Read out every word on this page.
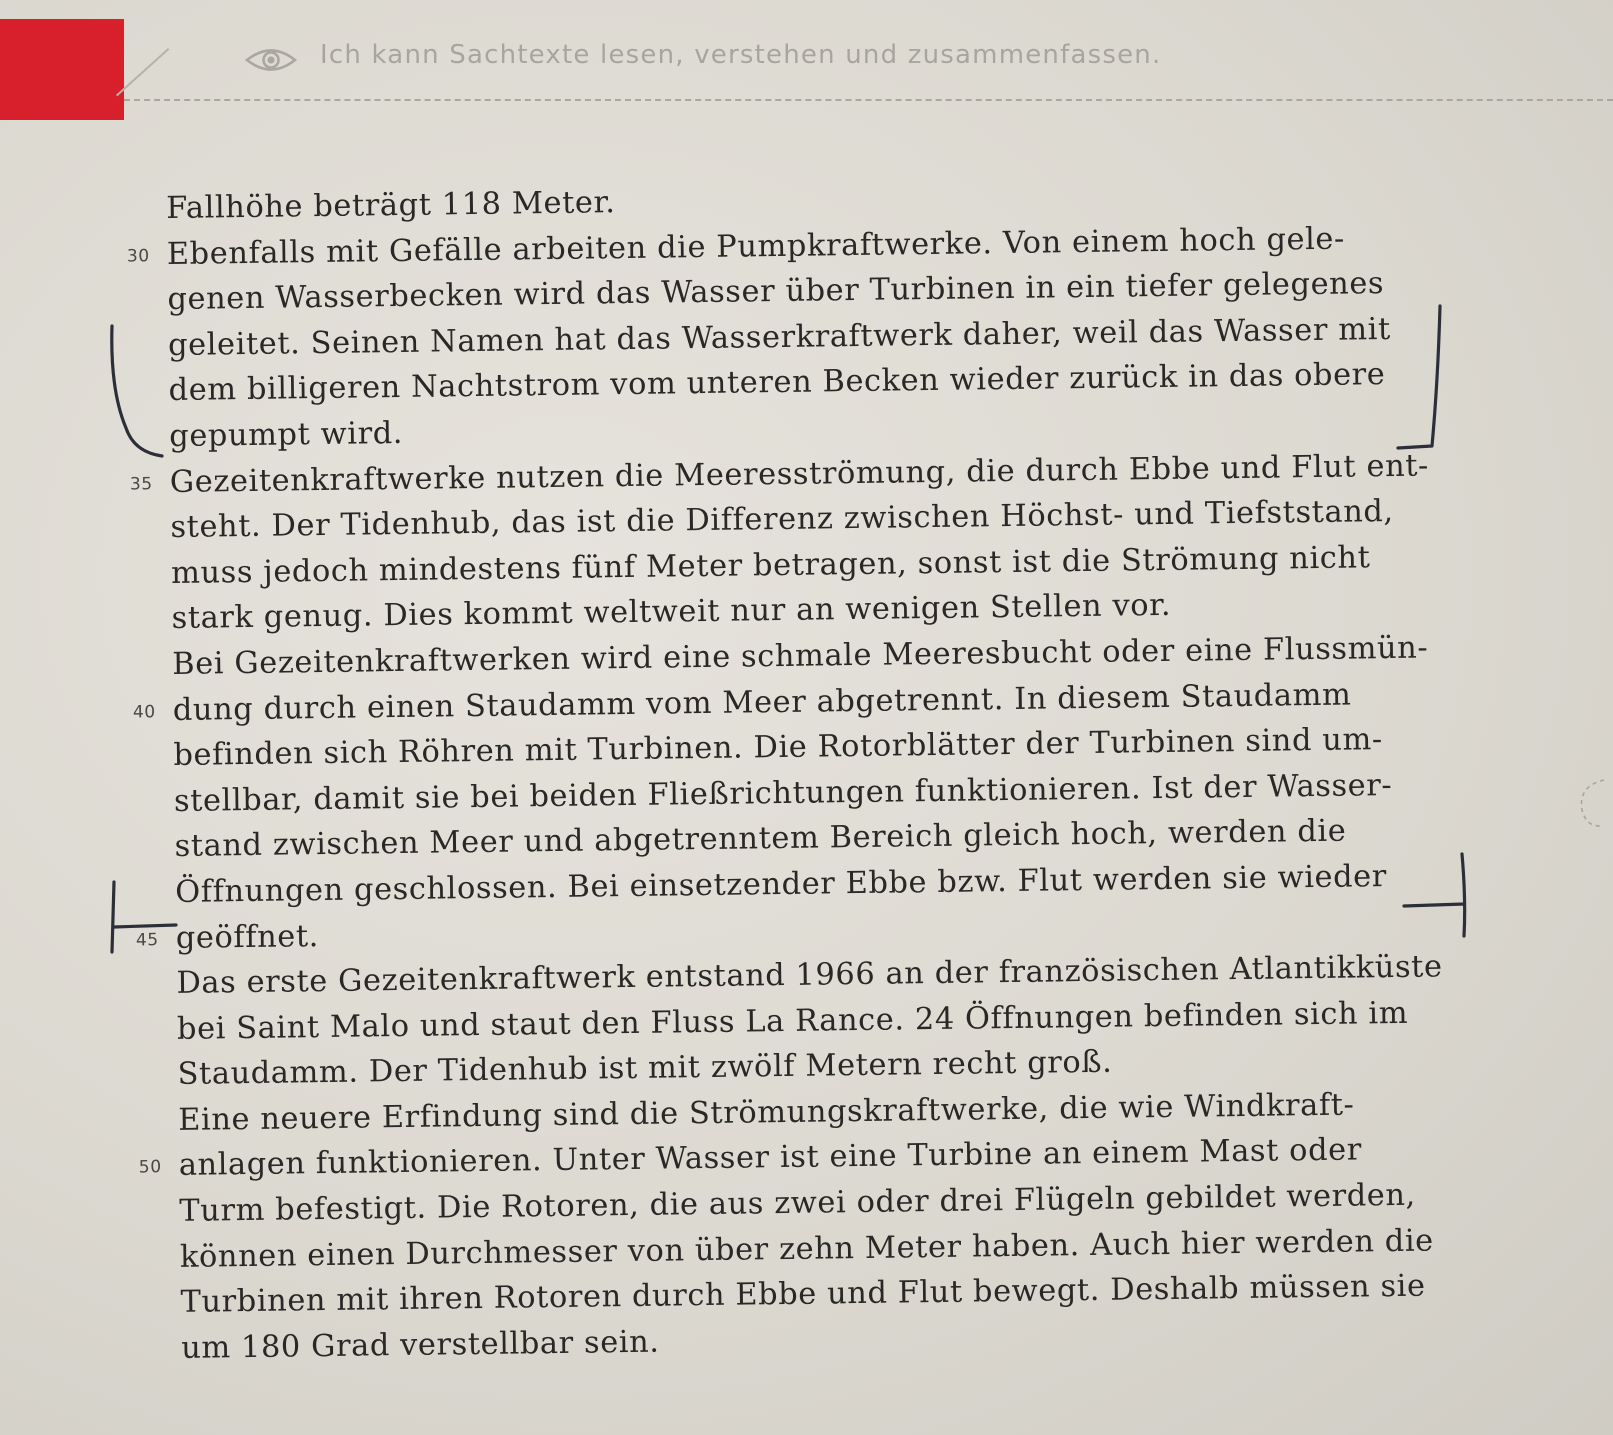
Ich kann Sachtexte lesen, verstehen und zusammenfassen.
Fallhöhe beträgt 118 Meter.
30 Ebenfalls mit Gefälle arbeiten die Pumpkraftwerke. Von einem hoch gele-
genen Wasserbecken wird das Wasser über Turbinen in ein tiefer gelegenes
geleitet. Seinen Namen hat das Wasserkraftwerk daher, weil das Wasser mit
dem billigeren Nachtstrom vom unteren Becken wieder zurück in das obere
gepumpt wird.
35 Gezeitenkraftwerke nutzen die Meeresströmung, die durch Ebbe und Flut ent-
steht. Der Tidenhub, das ist die Differenz zwischen Höchst- und Tiefststand,
muss jedoch mindestens fünf Meter betragen, sonst ist die Strömung nicht
stark genug. Dies kommt weltweit nur an wenigen Stellen vor.
Bei Gezeitenkraftwerken wird eine schmale Meeresbucht oder eine Flussmün-
40 dung durch einen Staudamm vom Meer abgetrennt. In diesem Staudamm
befinden sich Röhren mit Turbinen. Die Rotorblätter der Turbinen sind um-
stellbar, damit sie bei beiden Fließrichtungen funktionieren. Ist der Wasser-
stand zwischen Meer und abgetrenntem Bereich gleich hoch, werden die
Öffnungen geschlossen. Bei einsetzender Ebbe bzw. Flut werden sie wieder
45 geöffnet.
Das erste Gezeitenkraftwerk entstand 1966 an der französischen Atlantikküste
bei Saint Malo und staut den Fluss La Rance. 24 Öffnungen befinden sich im
Staudamm. Der Tidenhub ist mit zwölf Metern recht groß.
Eine neuere Erfindung sind die Strömungskraftwerke, die wie Windkraft-
50 anlagen funktionieren. Unter Wasser ist eine Turbine an einem Mast oder
Turm befestigt. Die Rotoren, die aus zwei oder drei Flügeln gebildet werden,
können einen Durchmesser von über zehn Meter haben. Auch hier werden die
Turbinen mit ihren Rotoren durch Ebbe und Flut bewegt. Deshalb müssen sie
um 180 Grad verstellbar sein.
